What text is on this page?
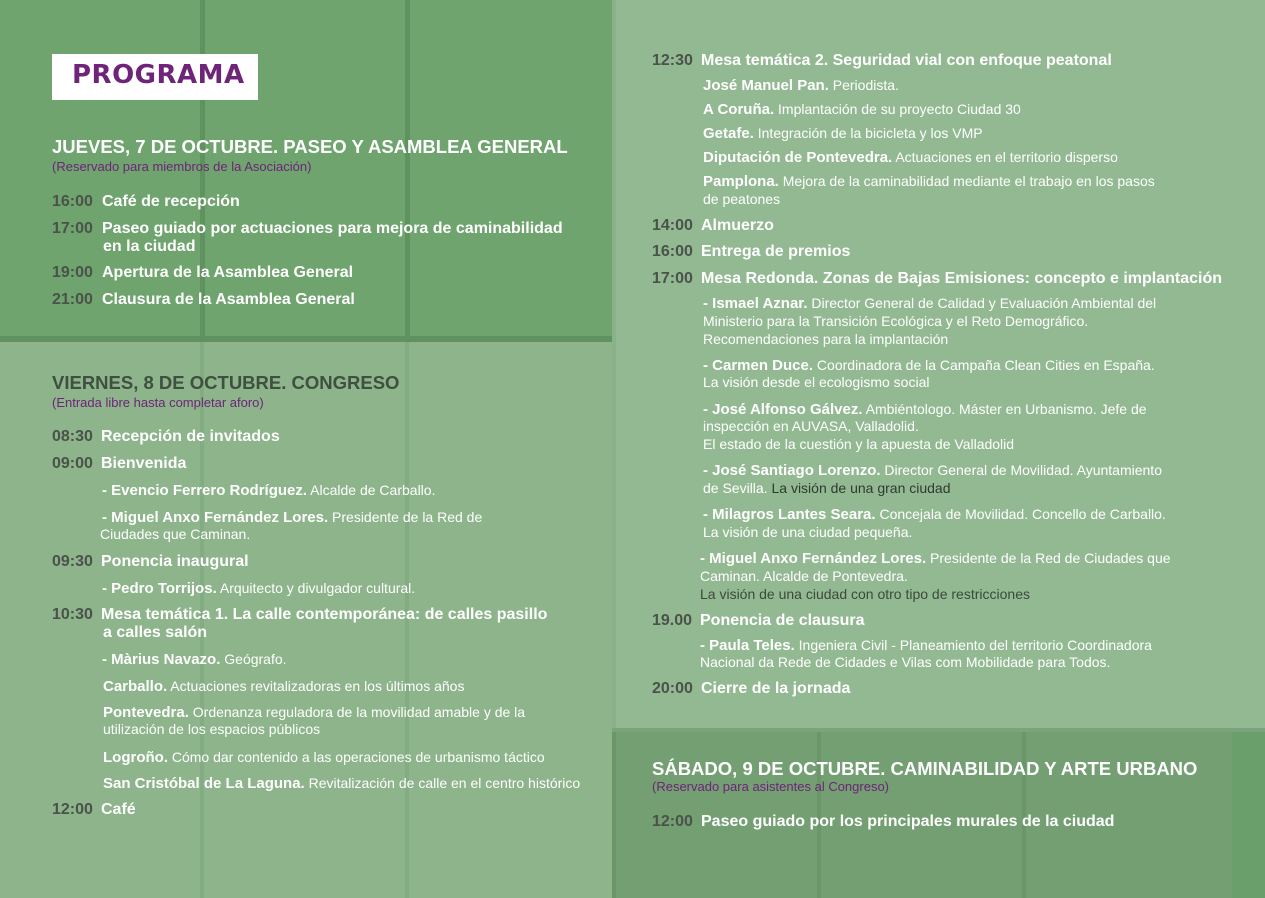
PROGRAMA
JUEVES, 7 DE OCTUBRE. PASEO Y ASAMBLEA GENERAL
(Reservado para miembros de la Asociación)
16:00 Café de recepción
17:00 Paseo guiado por actuaciones para mejora de caminabilidad
en la ciudad
19:00 Apertura de la Asamblea General
21:00 Clausura de la Asamblea General
VIERNES, 8 DE OCTUBRE. CONGRESO
(Entrada libre hasta completar aforo)
08:30 Recepción de invitados
09:00 Bienvenida
- Evencio Ferrero Rodríguez. Alcalde de Carballo.
- Miguel Anxo Fernández Lores. Presidente de la Red de
Ciudades que Caminan.
09:30 Ponencia inaugural
- Pedro Torrijos. Arquitecto y divulgador cultural.
10:30 Mesa temática 1. La calle contemporánea: de calles pasillo
a calles salón
- Màrius Navazo. Geógrafo.
Carballo. Actuaciones revitalizadoras en los últimos años
Pontevedra. Ordenanza reguladora de la movilidad amable y de la
utilización de los espacios públicos
Logroño. Cómo dar contenido a las operaciones de urbanismo táctico
San Cristóbal de La Laguna. Revitalización de calle en el centro histórico
12:00 Café
12:30 Mesa temática 2. Seguridad vial con enfoque peatonal
José Manuel Pan. Periodista.
A Coruña. Implantación de su proyecto Ciudad 30
Getafe. Integración de la bicicleta y los VMP
Diputación de Pontevedra. Actuaciones en el territorio disperso
Pamplona. Mejora de la caminabilidad mediante el trabajo en los pasos
de peatones
14:00 Almuerzo
16:00 Entrega de premios
17:00 Mesa Redonda. Zonas de Bajas Emisiones: concepto e implantación
- Ismael Aznar. Director General de Calidad y Evaluación Ambiental del
Ministerio para la Transición Ecológica y el Reto Demográfico.
Recomendaciones para la implantación
- Carmen Duce. Coordinadora de la Campaña Clean Cities en España.
La visión desde el ecologismo social
- José Alfonso Gálvez. Ambiéntologo. Máster en Urbanismo. Jefe de
inspección en AUVASA, Valladolid.
El estado de la cuestión y la apuesta de Valladolid
- José Santiago Lorenzo. Director General de Movilidad. Ayuntamiento
de Sevilla. La visión de una gran ciudad
- Milagros Lantes Seara. Concejala de Movilidad. Concello de Carballo.
La visión de una ciudad pequeña.
- Miguel Anxo Fernández Lores. Presidente de la Red de Ciudades que
Caminan. Alcalde de Pontevedra.
La visión de una ciudad con otro tipo de restricciones
19.00 Ponencia de clausura
- Paula Teles. Ingeniera Civil - Planeamiento del territorio Coordinadora
Nacional da Rede de Cidades e Vilas com Mobilidade para Todos.
20:00 Cierre de la jornada
SÁBADO, 9 DE OCTUBRE. CAMINABILIDAD Y ARTE URBANO
(Reservado para asistentes al Congreso)
12:00 Paseo guiado por los principales murales de la ciudad
